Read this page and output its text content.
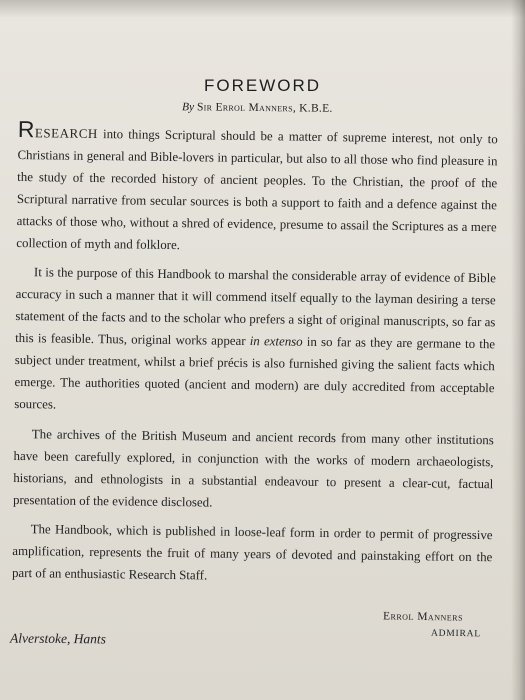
FOREWORD
By Sir Errol Manners, K.B.E.

RESEARCH into things Scriptural should be a matter of supreme interest, not only to Christians in general and Bible-lovers in particular, but also to all those who find pleasure in the study of the recorded history of ancient peoples. To the Christian, the proof of the Scriptural narrative from secular sources is both a support to faith and a defence against the attacks of those who, without a shred of evidence, presume to assail the Scriptures as a mere collection of myth and folklore.

It is the purpose of this Handbook to marshal the considerable array of evidence of Bible accuracy in such a manner that it will commend itself equally to the layman desiring a terse statement of the facts and to the scholar who prefers a sight of original manuscripts, so far as this is feasible. Thus, original works appear in extenso in so far as they are germane to the subject under treatment, whilst a brief précis is also furnished giving the salient facts which emerge. The authorities quoted (ancient and modern) are duly accredited from acceptable sources.

The archives of the British Museum and ancient records from many other institutions have been carefully explored, in conjunction with the works of modern archaeologists, historians, and ethnologists in a substantial endeavour to present a clear-cut, factual presentation of the evidence disclosed.

The Handbook, which is published in loose-leaf form in order to permit of progressive amplification, represents the fruit of many years of devoted and painstaking effort on the part of an enthusiastic Research Staff.

Errol Manners
ADMIRAL
Alverstoke, Hants
